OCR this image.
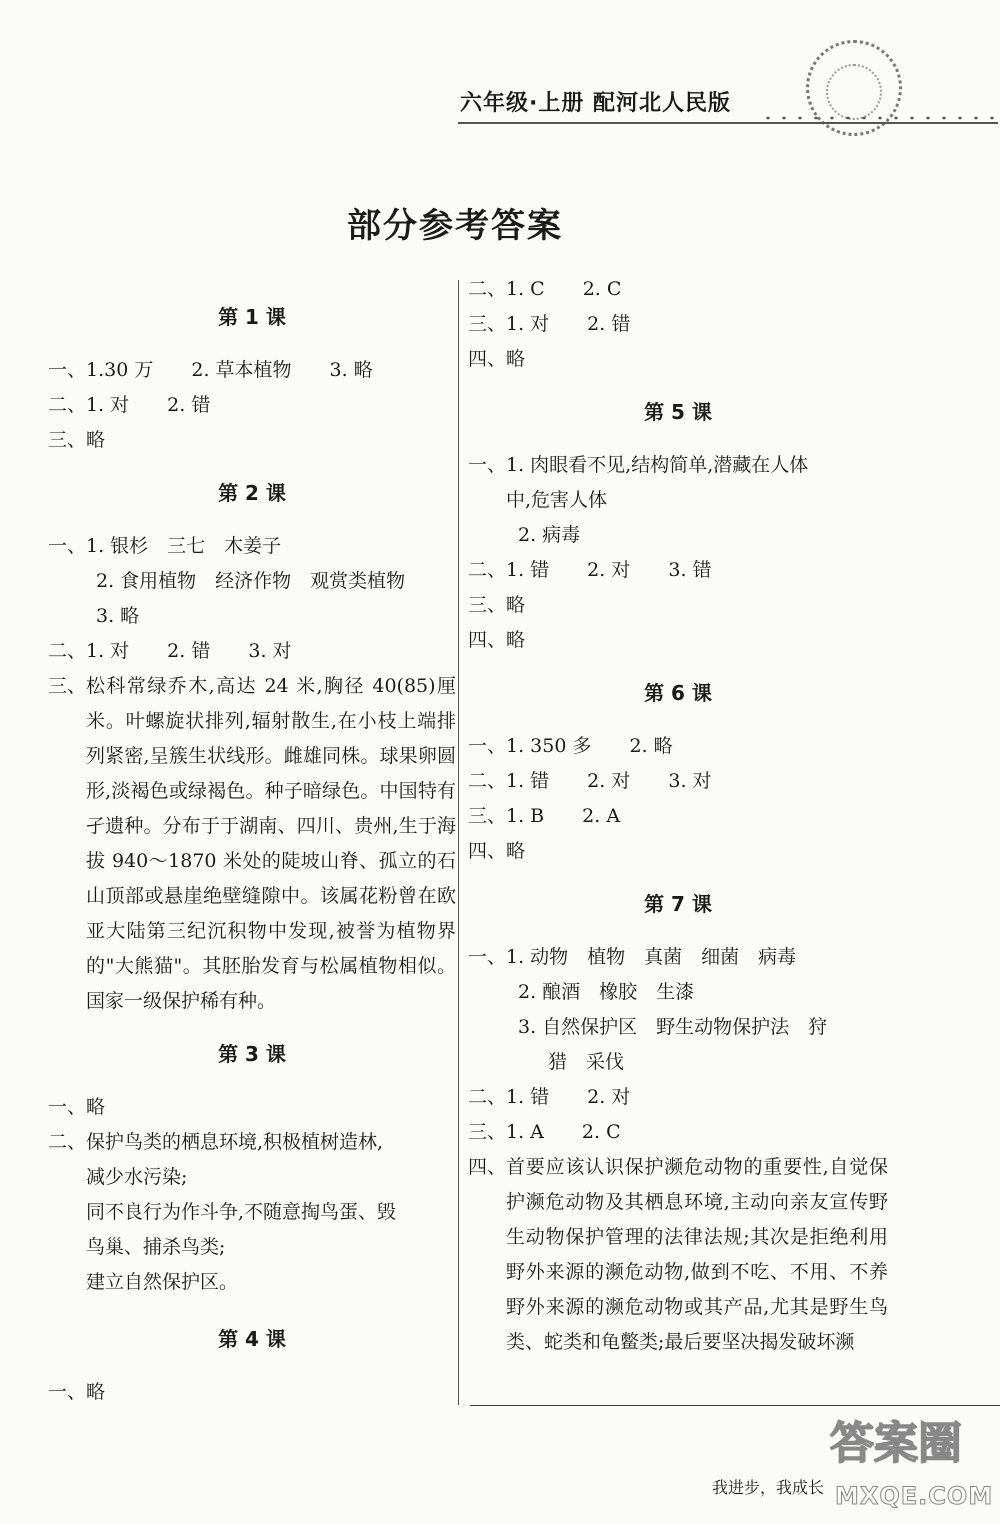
六年级·上册 配河北人民版
部分参考答案
第 1 课
一、 1.30 万　　2. 草本植物　　3. 略
二、 1. 对　　2. 错
三、 略
第 2 课
一、 1. 银杉　三七　木姜子
2. 食用植物　经济作物　观赏类植物
3. 略
二、 1. 对　　2. 错　　3. 对
三、 松科常绿乔木,高达 24 米,胸径 40(85)厘米。叶螺旋状排列,辐射散生,在小枝上端排列紧密,呈簇生状线形。雌雄同株。球果卵圆形,淡褐色或绿褐色。种子暗绿色。中国特有孑遗种。分布于于湖南、四川、贵州,生于海拔 940～1870 米处的陡坡山脊、孤立的石山顶部或悬崖绝壁缝隙中。该属花粉曾在欧亚大陆第三纪沉积物中发现,被誉为植物界的"大熊猫"。其胚胎发育与松属植物相似。国家一级保护稀有种。
第 3 课
一、 略
二、 保护鸟类的栖息环境,积极植树造林,
减少水污染;
同不良行为作斗争,不随意掏鸟蛋、毁
鸟巢、捕杀鸟类;
建立自然保护区。
第 4 课
一、 略
二、 1. C　　2. C
三、 1. 对　　2. 错
四、 略
第 5 课
一、 1. 肉眼看不见,结构简单,潜藏在人体
中,危害人体
2. 病毒
二、 1. 错　　2. 对　　3. 错
三、 略
四、 略
第 6 课
一、 1. 350 多　　2. 略
二、 1. 错　　2. 对　　3. 对
三、 1. B　　2. A
四、 略
第 7 课
一、 1. 动物　植物　真菌　细菌　病毒
2. 酿酒　橡胶　生漆
3. 自然保护区　野生动物保护法　狩
猎　采伐
二、 1. 错　　2. 对
三、 1. A　　2. C
四、 首要应该认识保护濒危动物的重要性,自觉保护濒危动物及其栖息环境,主动向亲友宣传野生动物保护管理的法律法规;其次是拒绝利用野外来源的濒危动物,做到不吃、不用、不养野外来源的濒危动物或其产品,尤其是野生鸟类、蛇类和龟鳖类;最后要坚决揭发破坏濒
我进步，我成长
答案圈
MXQE.COM
